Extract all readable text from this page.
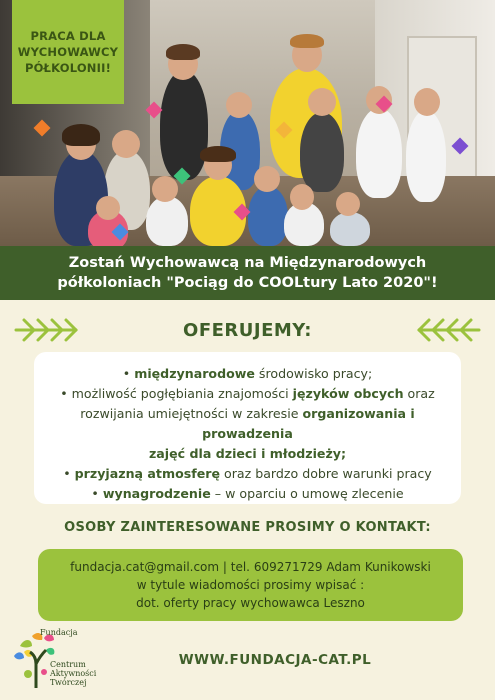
PRACA DLA
WYCHOWAWCY
PÓŁKOLONII!
Zostań Wychowawcą na Międzynarodowych
półkoloniach "Pociąg do COOLtury Lato 2020"!
OFERUJEMY:
• międzynarodowe środowisko pracy;
• możliwość pogłębiania znajomości języków obcych oraz
rozwijania umiejętności w zakresie organizowania i prowadzenia
zajęć dla dzieci i młodzieży;
• przyjazną atmosferę oraz bardzo dobre warunki pracy
• wynagrodzenie – w oparciu o umowę zlecenie
OSOBY ZAINTERESOWANE PROSIMY O KONTAKT:
fundacja.cat@gmail.com | tel. 609271729 Adam Kunikowski
w tytule wiadomości prosimy wpisać :
dot. oferty pracy wychowawca Leszno
Fundacja
Centrum
Aktywności
Twórczej
WWW.FUNDACJA-CAT.PL
